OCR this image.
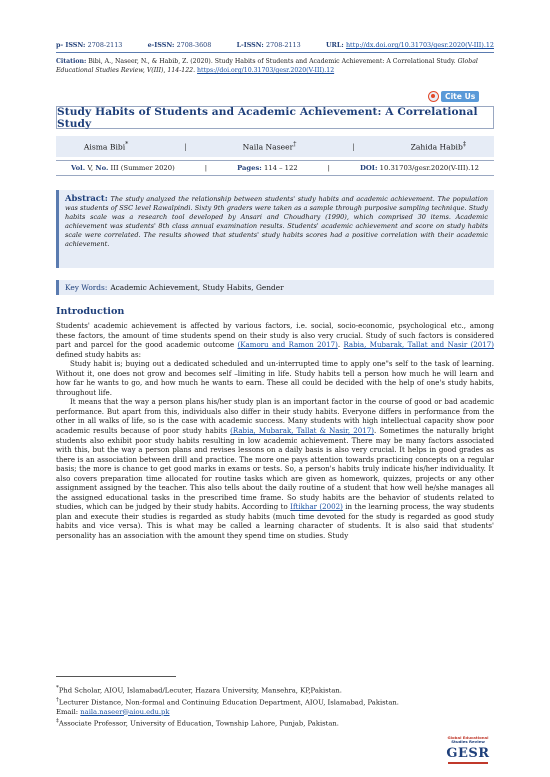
p- ISSN: 2708-2113	e-ISSN: 2708-3608	L-ISSN: 2708-2113	URL: http://dx.doi.org/10.31703/gesr.2020(V-III).12
Citation: Bibi, A., Naseer, N., & Habib, Z. (2020). Study Habits of Students and Academic Achievement: A Correlational Study. Global Educational Studies Review, V(III), 114-122. https://doi.org/10.31703/gesr.2020(V-III).12
Cite Us
Study Habits of Students and Academic Achievement: A Correlational Study
Aisma Bibi*	|	Naila Naseer†	|	Zahida Habib‡
Vol. V, No. III (Summer 2020)	|	Pages: 114 – 122	|	DOI: 10.31703/gesr.2020(V-III).12
Abstract: The study analyzed the relationship between students' study habits and academic achievement. The population was students of SSC level Rawalpindi. Sixty 9th graders were taken as a sample through purposive sampling technique. Study habits scale was a research tool developed by Ansari and Choudhary (1990), which comprised 30 items. Academic achievement was students' 8th class annual examination results. Students' academic achievement and score on study habits scale were correlated. The results showed that students' study habits scores had a positive correlation with their academic achievement.
Key Words: Academic Achievement, Study Habits, Gender
Introduction

Students' academic achievement is affected by various factors, i.e. social, socio-economic, psychological etc., among these factors, the amount of time students spend on their study is also very crucial. Study of such factors is considered part and parcel for the good academic outcome (Kamoru and Ramon 2017). Rabia, Mubarak, Tallat and Nasir (2017) defined study habits as:

Study habit is; buying out a dedicated scheduled and un-interrupted time to apply one"s self to the task of learning. Without it, one does not grow and becomes self –limiting in life. Study habits tell a person how much he will learn and how far he wants to go, and how much he wants to earn. These all could be decided with the help of one's study habits, throughout life.

It means that the way a person plans his/her study plan is an important factor in the course of good or bad academic performance. But apart from this, individuals also differ in their study habits. Everyone differs in performance from the other in all walks of life, so is the case with academic success. Many students with high intellectual capacity show poor academic results because of poor study habits (Rabia, Mubarak, Tallat & Nasir, 2017). Sometimes the naturally bright students also exhibit poor study habits resulting in low academic achievement. There may be many factors associated with this, but the way a person plans and revises lessons on a daily basis is also very crucial. It helps in good grades as there is an association between drill and practice. The more one pays attention towards practicing concepts on a regular basis; the more is chance to get good marks in exams or tests. So, a person's habits truly indicate his/her individuality. It also covers preparation time allocated for routine tasks which are given as homework, quizzes, projects or any other assignment assigned by the teacher. This also tells about the daily routine of a student that how well he/she manages all the assigned educational tasks in the prescribed time frame. So study habits are the behavior of students related to studies, which can be judged by their study habits. According to Iftikhar (2002) in the learning process, the way students plan and execute their studies is regarded as study habits (much time devoted for the study is regarded as good study habits and vice versa). This is what may be called a learning character of students. It is also said that students' personality has an association with the amount they spend time on studies. Study

*Phd Scholar, AIOU, Islamabad/Lecuter, Hazara University, Mansehra, KP,Pakistan.
†Lecturer Distance, Non-formal and Continuing Education Department, AIOU, Islamabad, Pakistan.
Email: naila.naseer@aiou.edu.pk
‡Associate Professor, University of Education, Township Lahore, Punjab, Pakistan.
Global Educational
Studies Review
GESR
